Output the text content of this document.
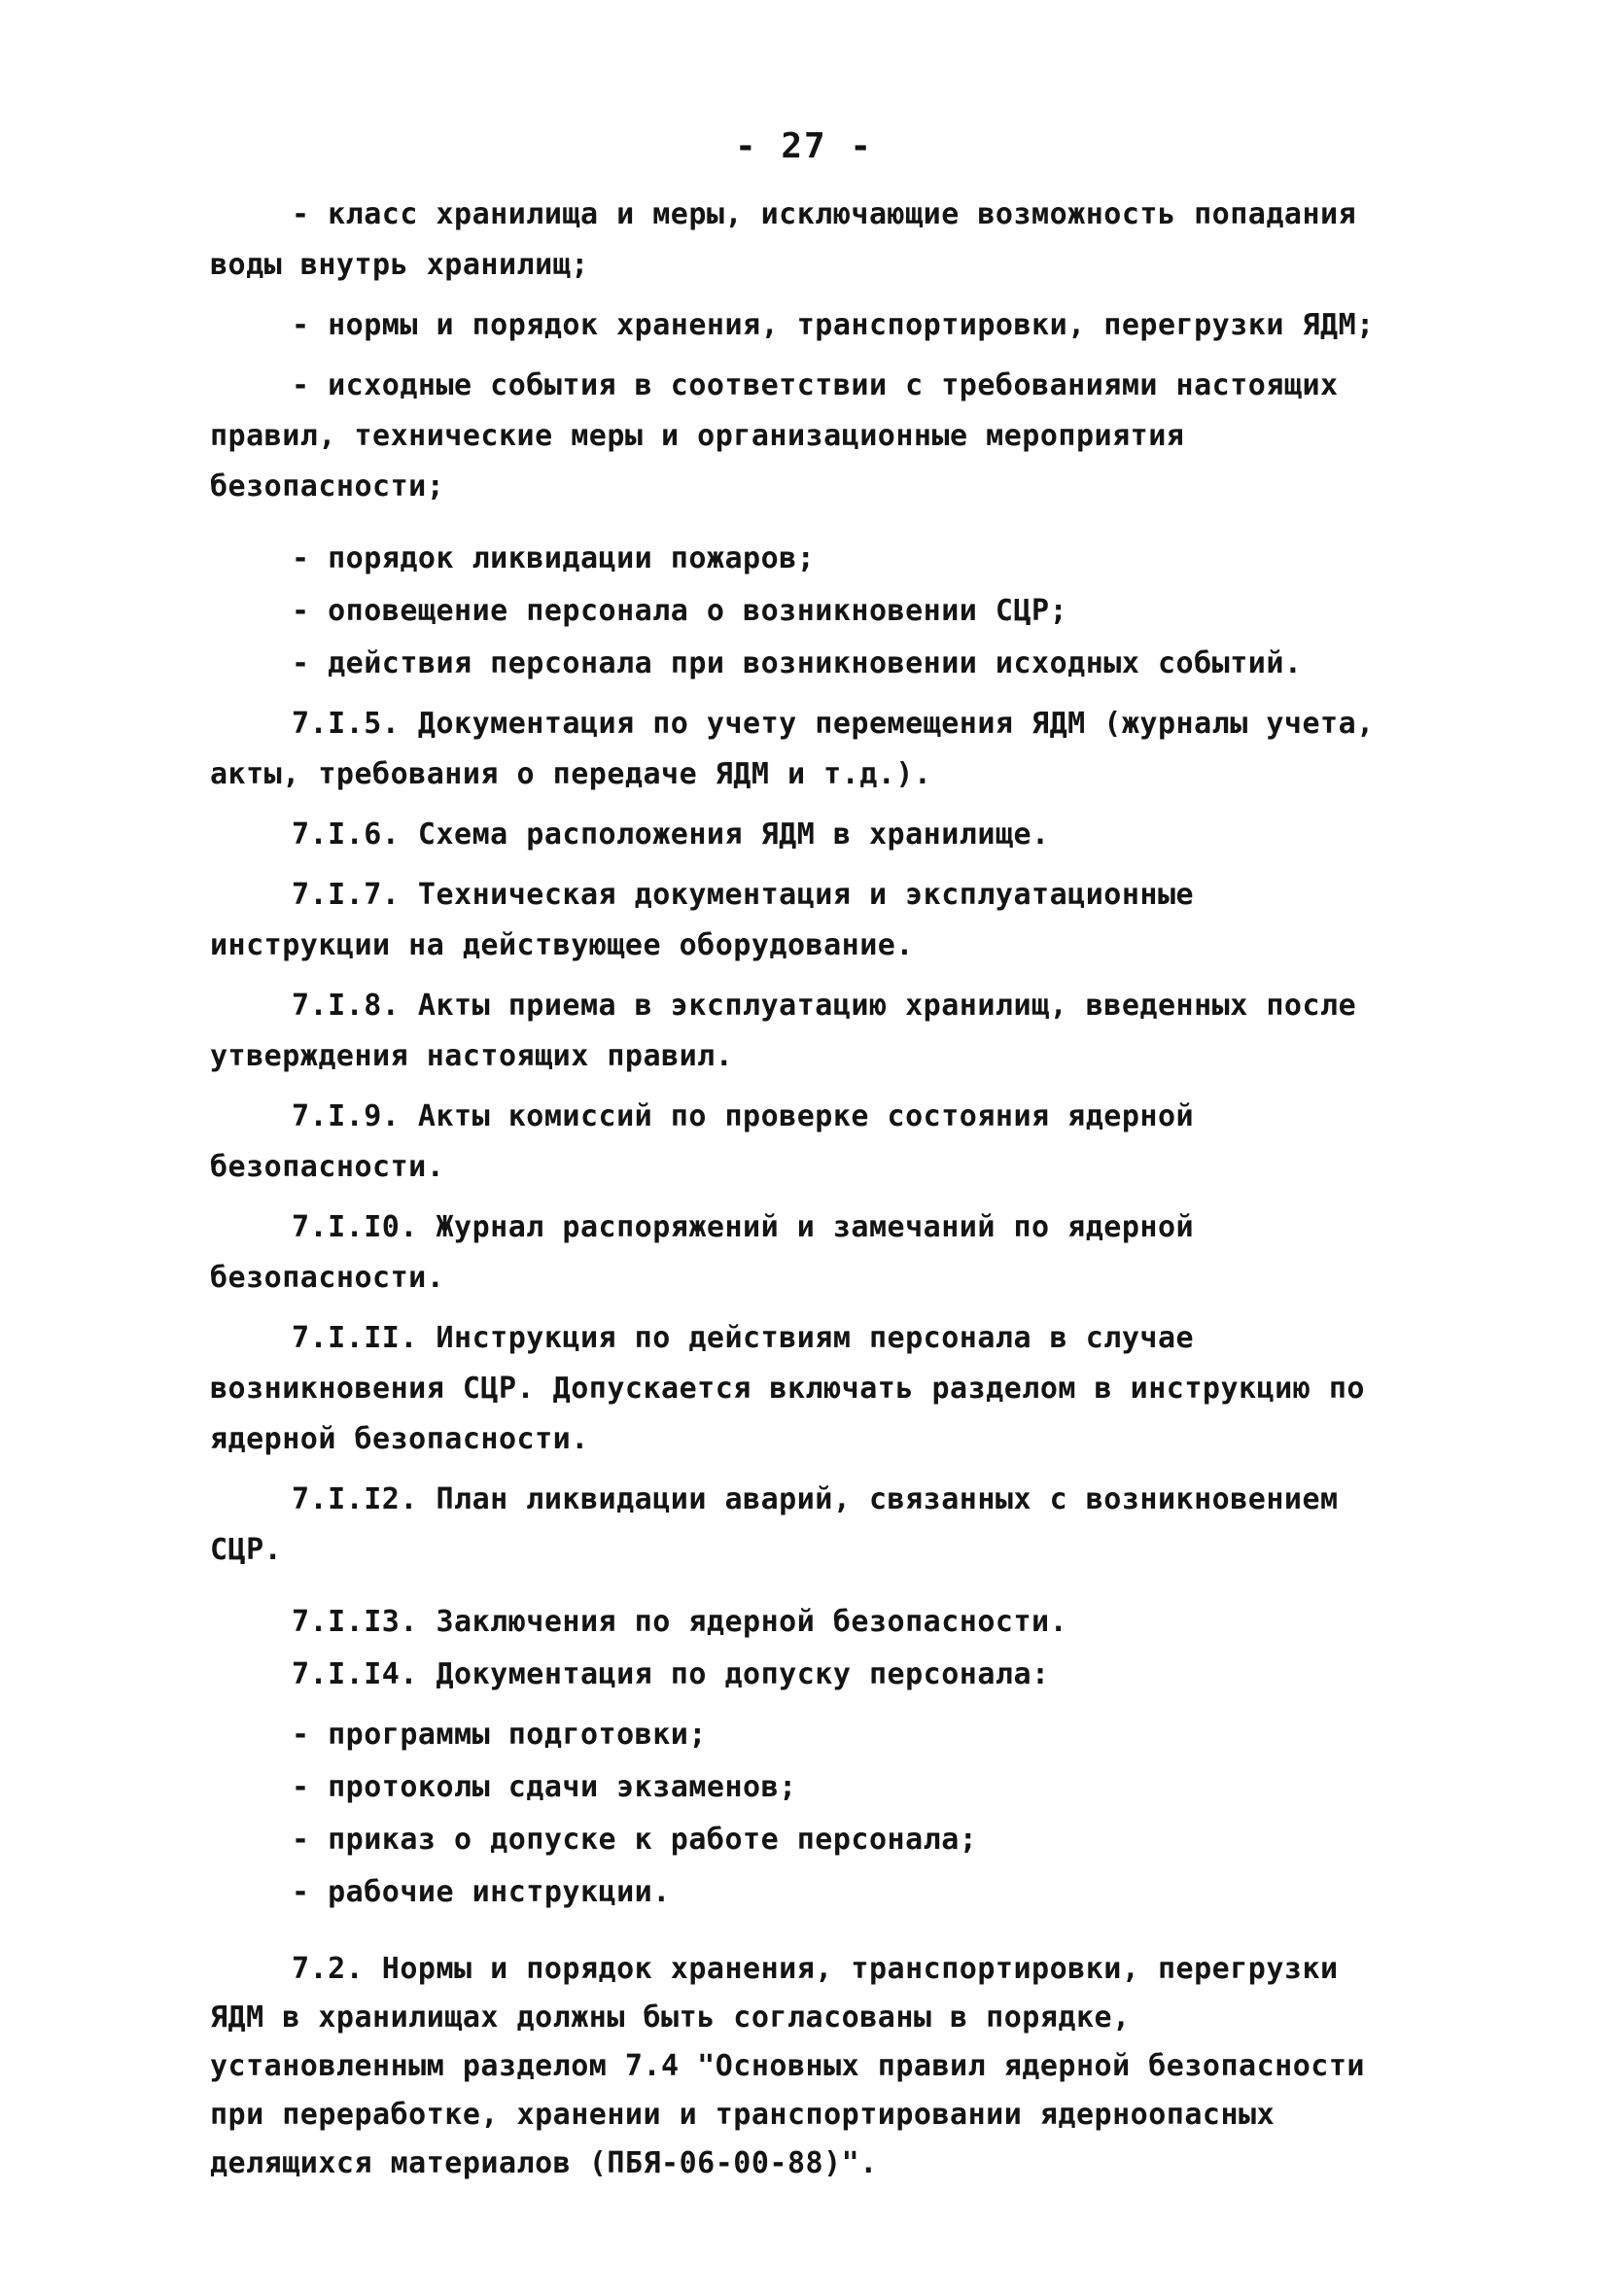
- 27 -

- класс хранилища и меры, исключающие возможность попадания воды внутрь хранилищ;

- нормы и порядок хранения, транспортировки, перегрузки ЯДМ;

- исходные события в соответствии с требованиями настоящих правил, технические меры и организационные мероприятия безопасности;

- порядок ликвидации пожаров;

- оповещение персонала о возникновении СЦР;

- действия персонала при возникновении исходных событий.

7.І.5. Документация по учету перемещения ЯДМ (журналы учета, акты, требования о передаче ЯДМ и т.д.).

7.І.6. Схема расположения ЯДМ в хранилище.

7.І.7. Техническая документация и эксплуатационные инструкции на действующее оборудование.

7.І.8. Акты приема в эксплуатацию хранилищ, введенных после утверждения настоящих правил.

7.І.9. Акты комиссий по проверке состояния ядерной безопасности.

7.І.І0. Журнал распоряжений и замечаний по ядерной безопасности.

7.І.ІІ. Инструкция по действиям персонала в случае возникновения СЦР. Допускается включать разделом в инструкцию по ядерной безопасности.

7.І.І2. План ликвидации аварий, связанных с возникновением СЦР.

7.І.ІЗ. Заключения по ядерной безопасности.

7.І.І4. Документация по допуску персонала:

- программы подготовки;

- протоколы сдачи экзаменов;

- приказ о допуске к работе персонала;

- рабочие инструкции.

7.2. Нормы и порядок хранения, транспортировки, перегрузки ЯДМ в хранилищах должны быть согласованы в порядке, установленным разделом 7.4 "Основных правил ядерной безопасности при переработке, хранении и транспортировании ядерноопасных делящихся материалов (ПБЯ-06-00-88)".
